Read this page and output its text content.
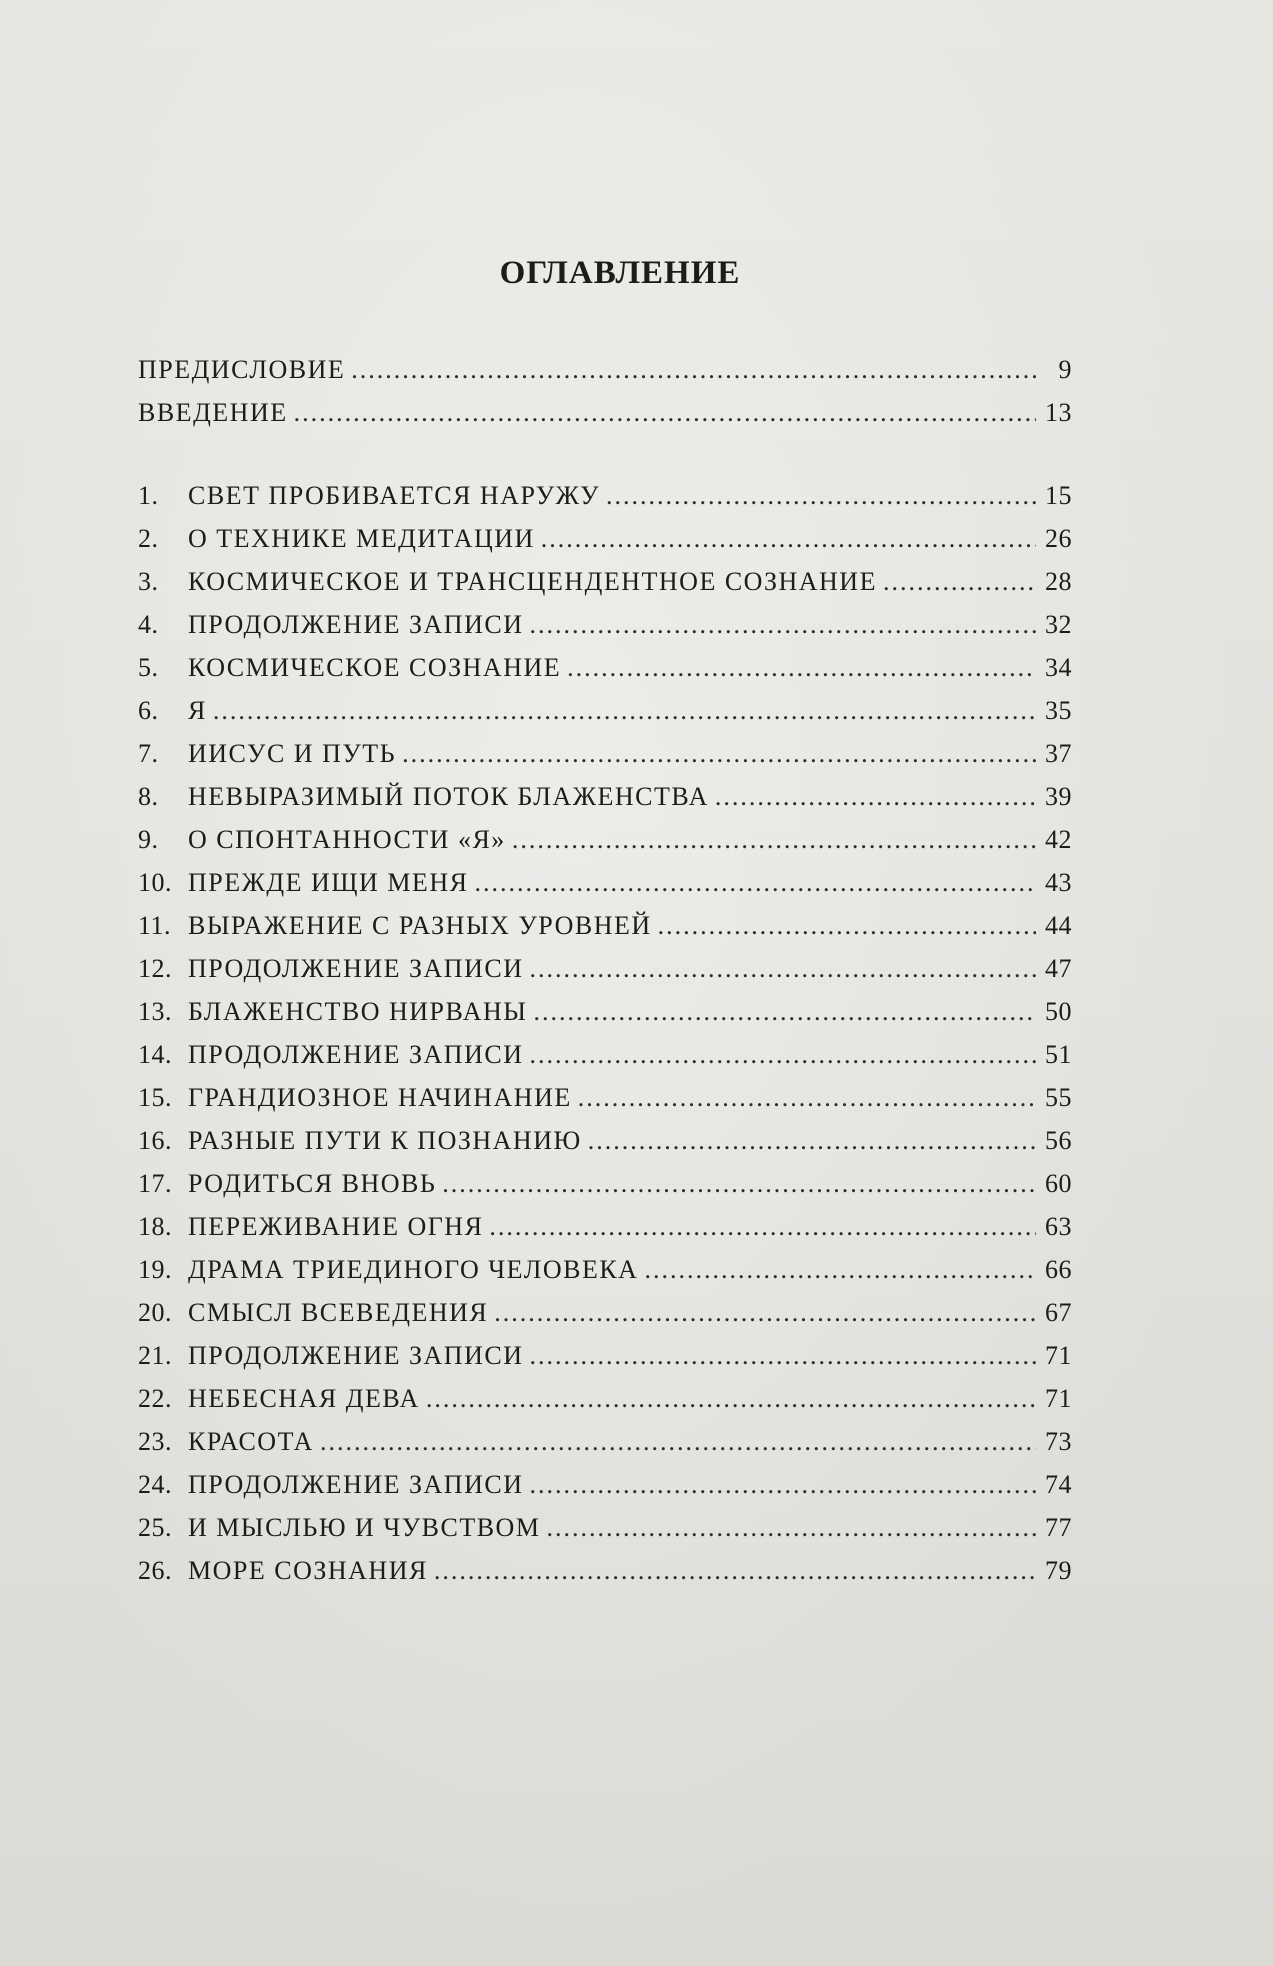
ОГЛАВЛЕНИЕ
ПРЕДИСЛОВИЕ .....	9
ВВЕДЕНИЕ .....	13
1.	СВЕТ ПРОБИВАЕТСЯ НАРУЖУ .....	15
2.	О ТЕХНИКЕ МЕДИТАЦИИ .....	26
3.	КОСМИЧЕСКОЕ И ТРАНСЦЕНДЕНТНОЕ СОЗНАНИЕ .....	28
4.	ПРОДОЛЖЕНИЕ ЗАПИСИ .....	32
5.	КОСМИЧЕСКОЕ СОЗНАНИЕ .....	34
6.	Я .....	35
7.	ИИСУС И ПУТЬ .....	37
8.	НЕВЫРАЗИМЫЙ ПОТОК БЛАЖЕНСТВА .....	39
9.	О СПОНТАННОСТИ «Я» .....	42
10. ПРЕЖДЕ ИЩИ МЕНЯ .....	43
11. ВЫРАЖЕНИЕ С РАЗНЫХ УРОВНЕЙ .....	44
12. ПРОДОЛЖЕНИЕ ЗАПИСИ .....	47
13. БЛАЖЕНСТВО НИРВАНЫ .....	50
14. ПРОДОЛЖЕНИЕ ЗАПИСИ .....	51
15. ГРАНДИОЗНОЕ НАЧИНАНИЕ .....	55
16. РАЗНЫЕ ПУТИ К ПОЗНАНИЮ .....	56
17. РОДИТЬСЯ ВНОВЬ .....	60
18. ПЕРЕЖИВАНИЕ ОГНЯ .....	63
19. ДРАМА ТРИЕДИНОГО ЧЕЛОВЕКА .....	66
20. СМЫСЛ ВСЕВЕДЕНИЯ .....	67
21. ПРОДОЛЖЕНИЕ ЗАПИСИ .....	71
22. НЕБЕСНАЯ ДЕВА .....	71
23. КРАСОТА .....	73
24. ПРОДОЛЖЕНИЕ ЗАПИСИ .....	74
25. И МЫСЛЬЮ И ЧУВСТВОМ .....	77
26. МОРЕ СОЗНАНИЯ .....	79
